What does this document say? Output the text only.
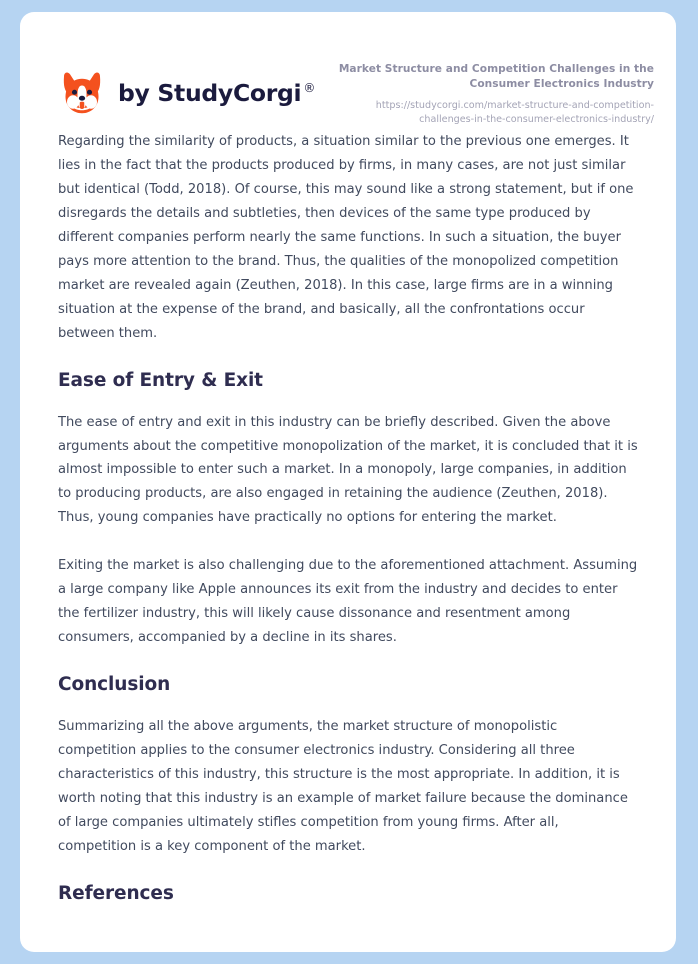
by StudyCorgi ®

Market Structure and Competition Challenges in the Consumer Electronics Industry

https://studycorgi.com/market-structure-and-competition-challenges-in-the-consumer-electronics-industry/

Regarding the similarity of products, a situation similar to the previous one emerges. It lies in the fact that the products produced by firms, in many cases, are not just similar but identical (Todd, 2018). Of course, this may sound like a strong statement, but if one disregards the details and subtleties, then devices of the same type produced by different companies perform nearly the same functions. In such a situation, the buyer pays more attention to the brand. Thus, the qualities of the monopolized competition market are revealed again (Zeuthen, 2018). In this case, large firms are in a winning situation at the expense of the brand, and basically, all the confrontations occur between them.

Ease of Entry & Exit

The ease of entry and exit in this industry can be briefly described. Given the above arguments about the competitive monopolization of the market, it is concluded that it is almost impossible to enter such a market. In a monopoly, large companies, in addition to producing products, are also engaged in retaining the audience (Zeuthen, 2018). Thus, young companies have practically no options for entering the market.

Exiting the market is also challenging due to the aforementioned attachment. Assuming a large company like Apple announces its exit from the industry and decides to enter the fertilizer industry, this will likely cause dissonance and resentment among consumers, accompanied by a decline in its shares.

Conclusion

Summarizing all the above arguments, the market structure of monopolistic competition applies to the consumer electronics industry. Considering all three characteristics of this industry, this structure is the most appropriate. In addition, it is worth noting that this industry is an example of market failure because the dominance of large companies ultimately stifles competition from young firms. After all, competition is a key component of the market.

References
